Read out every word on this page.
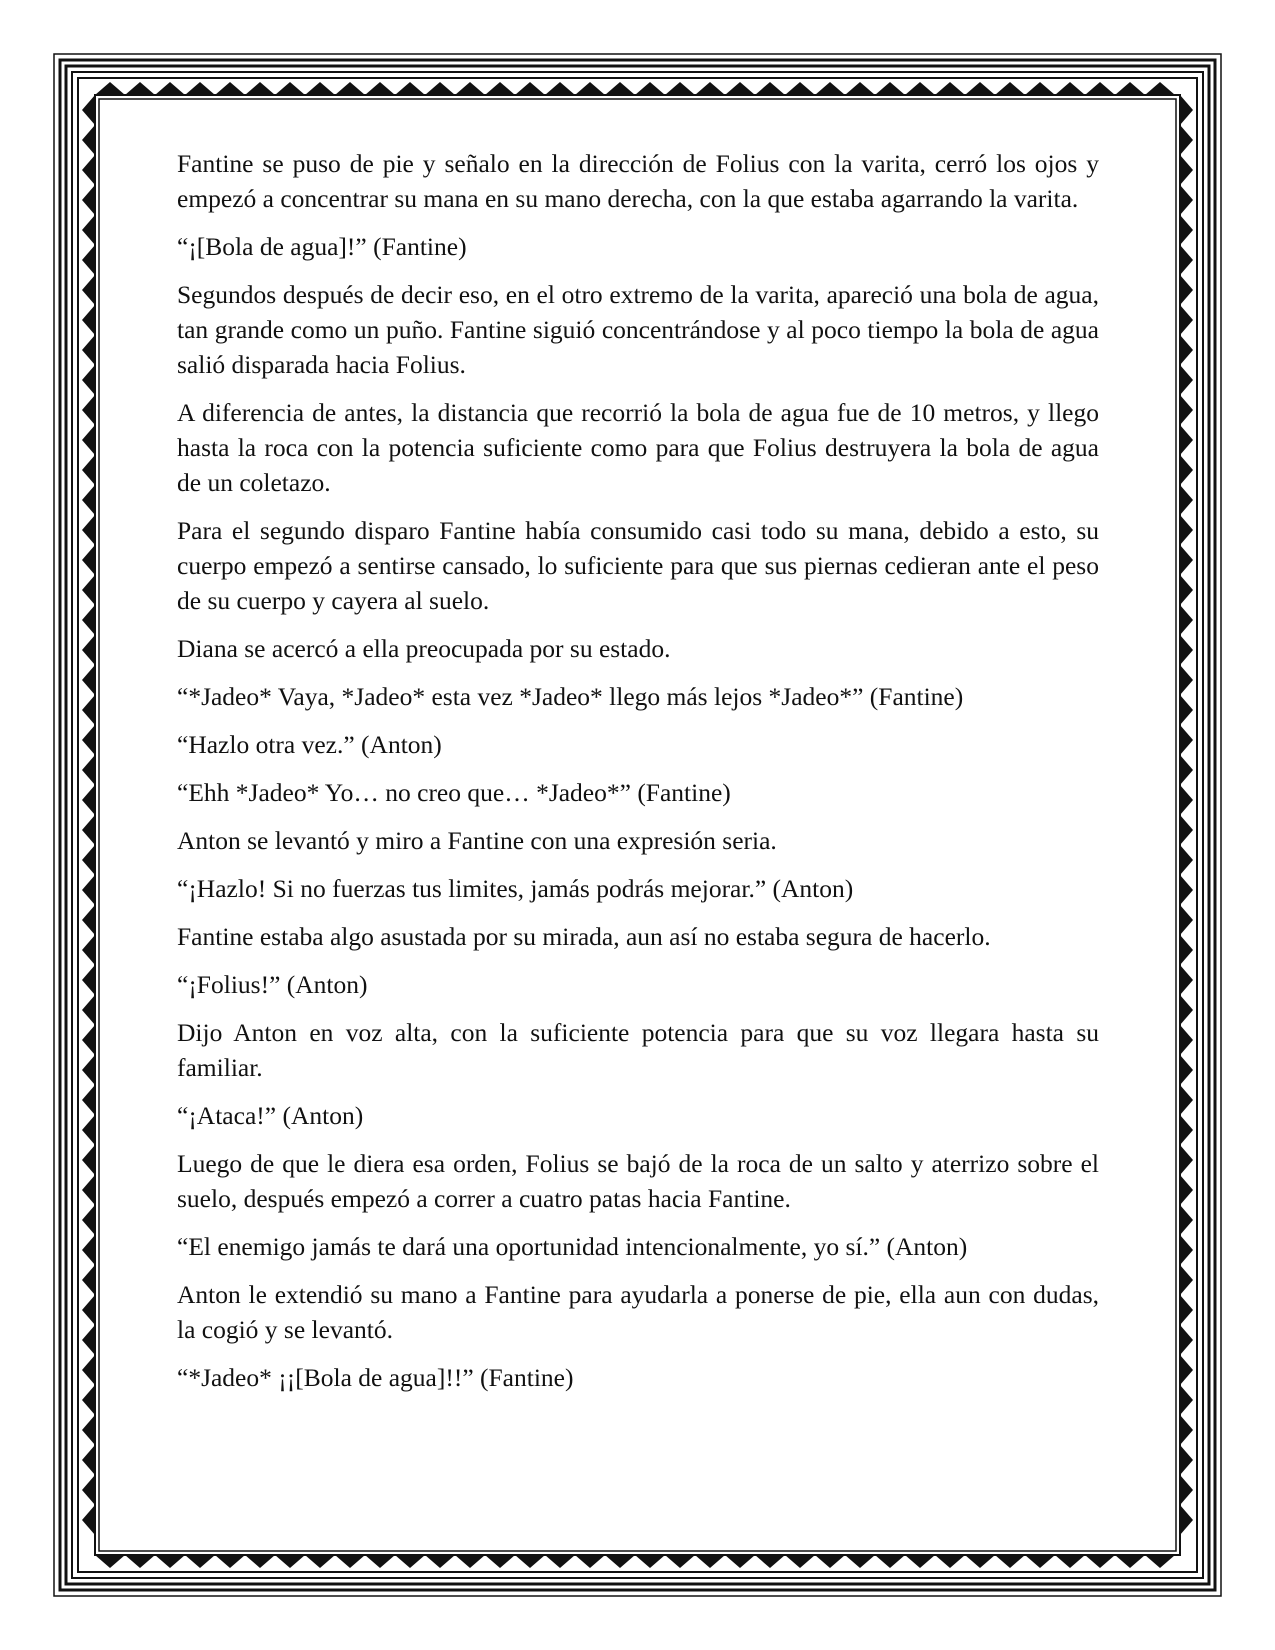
Fantine se puso de pie y señalo en la dirección de Folius con la varita, cerró los ojos y empezó a concentrar su mana en su mano derecha, con la que estaba agarrando la varita.

“¡[Bola de agua]!” (Fantine)

Segundos después de decir eso, en el otro extremo de la varita, apareció una bola de agua, tan grande como un puño. Fantine siguió concentrándose y al poco tiempo la bola de agua salió disparada hacia Folius.

A diferencia de antes, la distancia que recorrió la bola de agua fue de 10 metros, y llego hasta la roca con la potencia suficiente como para que Folius destruyera la bola de agua de un coletazo.

Para el segundo disparo Fantine había consumido casi todo su mana, debido a esto, su cuerpo empezó a sentirse cansado, lo suficiente para que sus piernas cedieran ante el peso de su cuerpo y cayera al suelo.

Diana se acercó a ella preocupada por su estado.

“*Jadeo* Vaya, *Jadeo* esta vez *Jadeo* llego más lejos *Jadeo*” (Fantine)

“Hazlo otra vez.” (Anton)

“Ehh *Jadeo* Yo… no creo que… *Jadeo*” (Fantine)

Anton se levantó y miro a Fantine con una expresión seria.

“¡Hazlo! Si no fuerzas tus limites, jamás podrás mejorar.” (Anton)

Fantine estaba algo asustada por su mirada, aun así no estaba segura de hacerlo.

“¡Folius!” (Anton)

Dijo Anton en voz alta, con la suficiente potencia para que su voz llegara hasta su familiar.

“¡Ataca!” (Anton)

Luego de que le diera esa orden, Folius se bajó de la roca de un salto y aterrizo sobre el suelo, después empezó a correr a cuatro patas hacia Fantine.

“El enemigo jamás te dará una oportunidad intencionalmente, yo sí.” (Anton)

Anton le extendió su mano a Fantine para ayudarla a ponerse de pie, ella aun con dudas, la cogió y se levantó.

“*Jadeo* ¡¡[Bola de agua]!!” (Fantine)
